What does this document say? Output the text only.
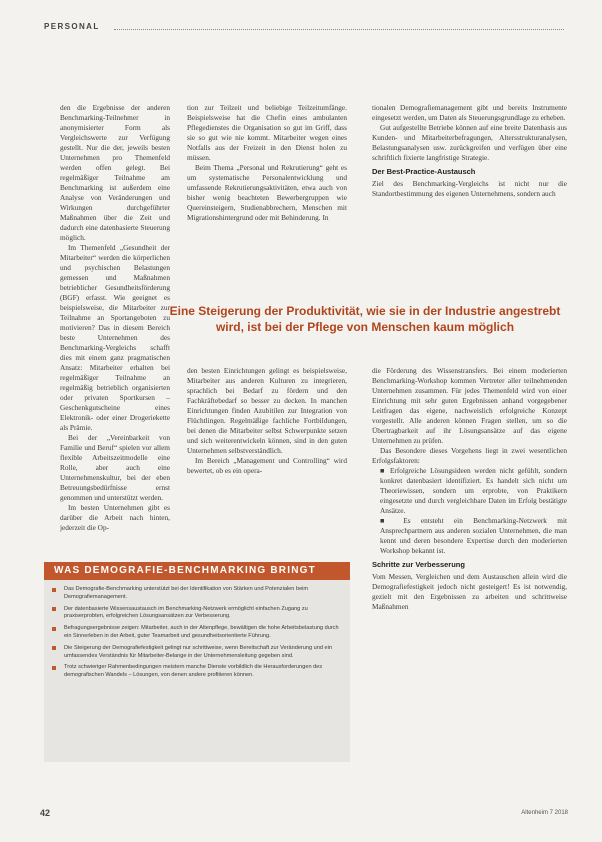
PERSONAL

den die Ergebnisse der anderen Benchmarking-Teilnehmer in anonymisierter Form als Vergleichswerte zur Verfügung gestellt. Nur die der, jeweils besten Unternehmen pro Themenfeld werden offen gelegt. Bei regelmäßiger Teilnahme am Benchmarking ist außerdem eine Analyse von Veränderungen und Wirkungen durchgeführter Maßnahmen über die Zeit und dadurch eine datenbasierte Steuerung möglich.

Im Themenfeld „Gesundheit der Mitarbeiter“ werden die körperlichen und psychischen Belastungen gemessen und Maßnahmen betrieblicher Gesundheitsförderung (BGF) erfasst. Wie geeignet es beispielsweise, die Mitarbeiter zur Teilnahme an Sportangeboten zu motivieren? Das in diesem Bereich beste Unternehmen des Benchmarking-Vergleichs schafft dies mit einem ganz pragmatischen Ansatz: Mitarbeiter erhalten bei regelmäßiger Teilnahme an regelmäßig betrieblich organisierten oder privaten Sportkursen – Geschenkgutscheine eines Elektronik- oder einer Drogeriekette als Prämie.

Bei der „Vereinbarkeit von Familie und Beruf“ spielen vor allem flexible Arbeitszeitmodelle eine Rolle, aber auch eine Unternehmenskultur, bei der eben Betreuungsbedürfnisse ernst genommen und unterstützt werden.

Im besten Unternehmen gibt es darüber die Arbeit nach hinten, jederzeit die Op-

tion zur Teilzeit und beliebige Teilzeitumfänge. Beispielsweise hat die Chefin eines ambulanten Pflegedienstes die Organisation so gut im Griff, dass sie so gut wie nie kommt. Mitarbeiter wegen eines Notfalls aus der Freizeit in den Dienst holen zu müssen.

Beim Thema „Personal und Rekrutierung“ geht es um systematische Personalentwicklung und umfassende Rekrutierungsaktivitäten, etwa auch von bisher wenig beachteten Bewerbergruppen wie Quereinsteigern, Studienabbrechern, Menschen mit Migrationshintergrund oder mit Behinderung. In

tionalen Demografiemanagement gibt und bereits Instrumente eingesetzt werden, um Daten als Steuerungsgrundlage zu erheben.

Gut aufgestellte Betriebe können auf eine breite Datenbasis aus Kunden- und Mitarbeiterbefragungen, Altersstrukturanalysen, Belastungsanalysen usw. zurückgreifen und verfügen über eine schriftlich fixierte langfristige Strategie.

Der Best-Practice-Austausch

Ziel des Benchmarking-Vergleichs ist nicht nur die Standortbestimmung des eigenen Unternehmens, sondern auch

Eine Steigerung der Produktivität, wie sie in der Industrie angestrebt wird, ist bei der Pflege von Menschen kaum möglich

den besten Einrichtungen gelingt es beispielsweise, Mitarbeiter aus anderen Kulturen zu integrieren, sprachlich bei Bedarf zu fördern und den Fachkräftebedarf so besser zu decken. In manchen Einrichtungen finden Azubitilen zur Integration von Flüchtlingen. Regelmäßige fachliche Fortbildungen, bei denen die Mitarbeiter selbst Schwerpunkte setzen und sich weiterentwickeln können, sind in den guten Unternehmen selbstverständlich.

Im Bereich „Management und Controlling“ wird bewertet, ob es ein opera-

die Förderung des Wissenstransfers. Bei einem moderierten Benchmarking-Workshop kommen Vertreter aller teilnehmenden Unternehmen zusammen. Für jedes Themenfeld wird von einer Einrichtung mit sehr guten Ergebnissen anhand vorgegebener Leitfragen das eigene, nachweislich erfolgreiche Konzept vorgestellt. Alle anderen können Fragen stellen, um so die Übertragbarkeit auf ihr Lösungsansätze auf das eigene Unternehmen zu prüfen.

Das Besondere dieses Vorgehens liegt in zwei wesentlichen Erfolgsfaktoren:

■ Erfolgreiche Lösungsideen werden nicht gefühlt, sondern konkret datenbasiert identifiziert. Es handelt sich nicht um Theoriewissen, sondern um erprobte, von Praktikern eingesetzte und durch vergleichbare Daten im Erfolg bestätigte Ansätze.

■ Es entsteht ein Benchmarking-Netzwerk mit Ansprechpartnern aus anderen sozialen Unternehmen, die man kennt und deren besondere Expertise durch den moderierten Workshop bekannt ist.

Schritte zur Verbesserung

Vom Messen, Vergleichen und dem Austauschen allein wird die Demografiefestigkeit jedoch nicht gesteigert! Es ist notwendig, gezielt mit den Ergebnissen zu arbeiten und schrittweise Maßnahmen

WAS DEMOGRAFIE-BENCHMARKING BRINGT
Das Demografie-Benchmarking unterstützt bei der Identifikation von Stärken und Potenzialen beim Demografiemanagement.
Der datenbasierte Wissensaustausch im Benchmarking-Netzwerk ermöglicht einfachen Zugang zu praxiserprobten, erfolgreichen Lösungsansätzen zur Verbesserung.
Befragungsergebnisse zeigen: Mitarbeiter, auch in der Altenpflege, bewältigen die hohe Arbeitsbelastung durch ein Sinnerleben in der Arbeit, guter Teamarbeit und gesundheitsorientierte Führung.
Die Steigerung der Demografiefestigkeit gelingt nur schrittweise, wenn Bereitschaft zur Veränderung und ein umfassendes Verständnis für Mitarbeiter-Belange in der Unternehmensleitung gegeben sind.
Trotz schwieriger Rahmenbedingungen meistern manche Dienste vorbildlich die Herausforderungen des demografischen Wandels – Lösungen, von denen andere profitieren können.
42	Altenheim 7 2018
